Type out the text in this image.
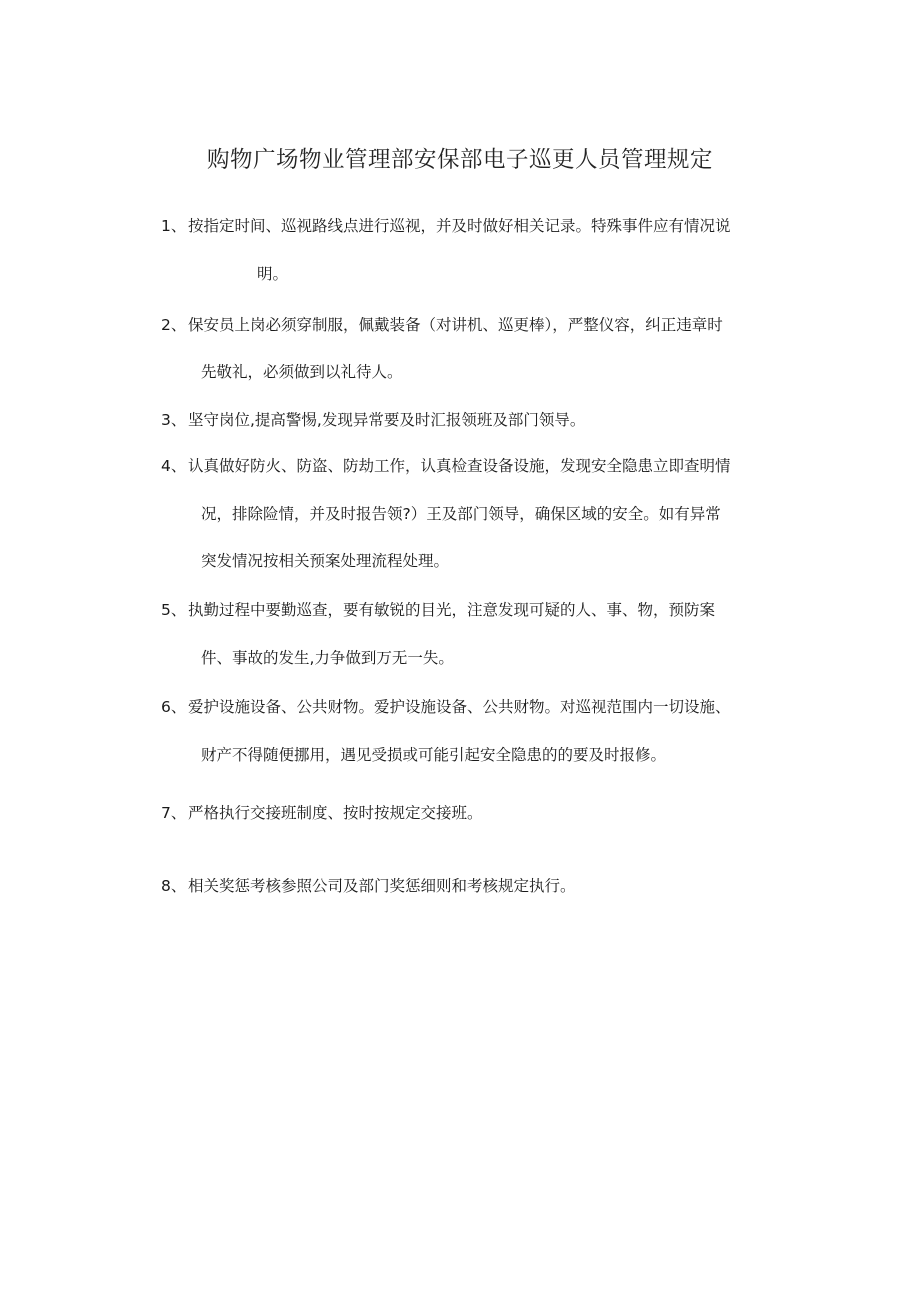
购物广场物业管理部安保部电子巡更人员管理规定
1、 按指定时间、巡视路线点进行巡视，并及时做好相关记录。特殊事件应有情况说
明。
2、 保安员上岗必须穿制服，佩戴装备（对讲机、巡更棒），严整仪容，纠正违章时
先敬礼，必须做到以礼待人。
3、 坚守岗位,提高警惕,发现异常要及时汇报领班及部门领导。
4、 认真做好防火、防盗、防劫工作，认真检查设备设施，发现安全隐患立即查明情
况，排除险情，并及时报告领?）王及部门领导，确保区域的安全。如有异常
突发情况按相关预案处理流程处理。
5、 执勤过程中要勤巡查，要有敏锐的目光，注意发现可疑的人、事、物，预防案
件、事故的发生,力争做到万无一失。
6、 爱护设施设备、公共财物。爱护设施设备、公共财物。对巡视范围内一切设施、
财产不得随便挪用，遇见受损或可能引起安全隐患的的要及时报修。
7、 严格执行交接班制度、按时按规定交接班。
8、 相关奖惩考核参照公司及部门奖惩细则和考核规定执行。
